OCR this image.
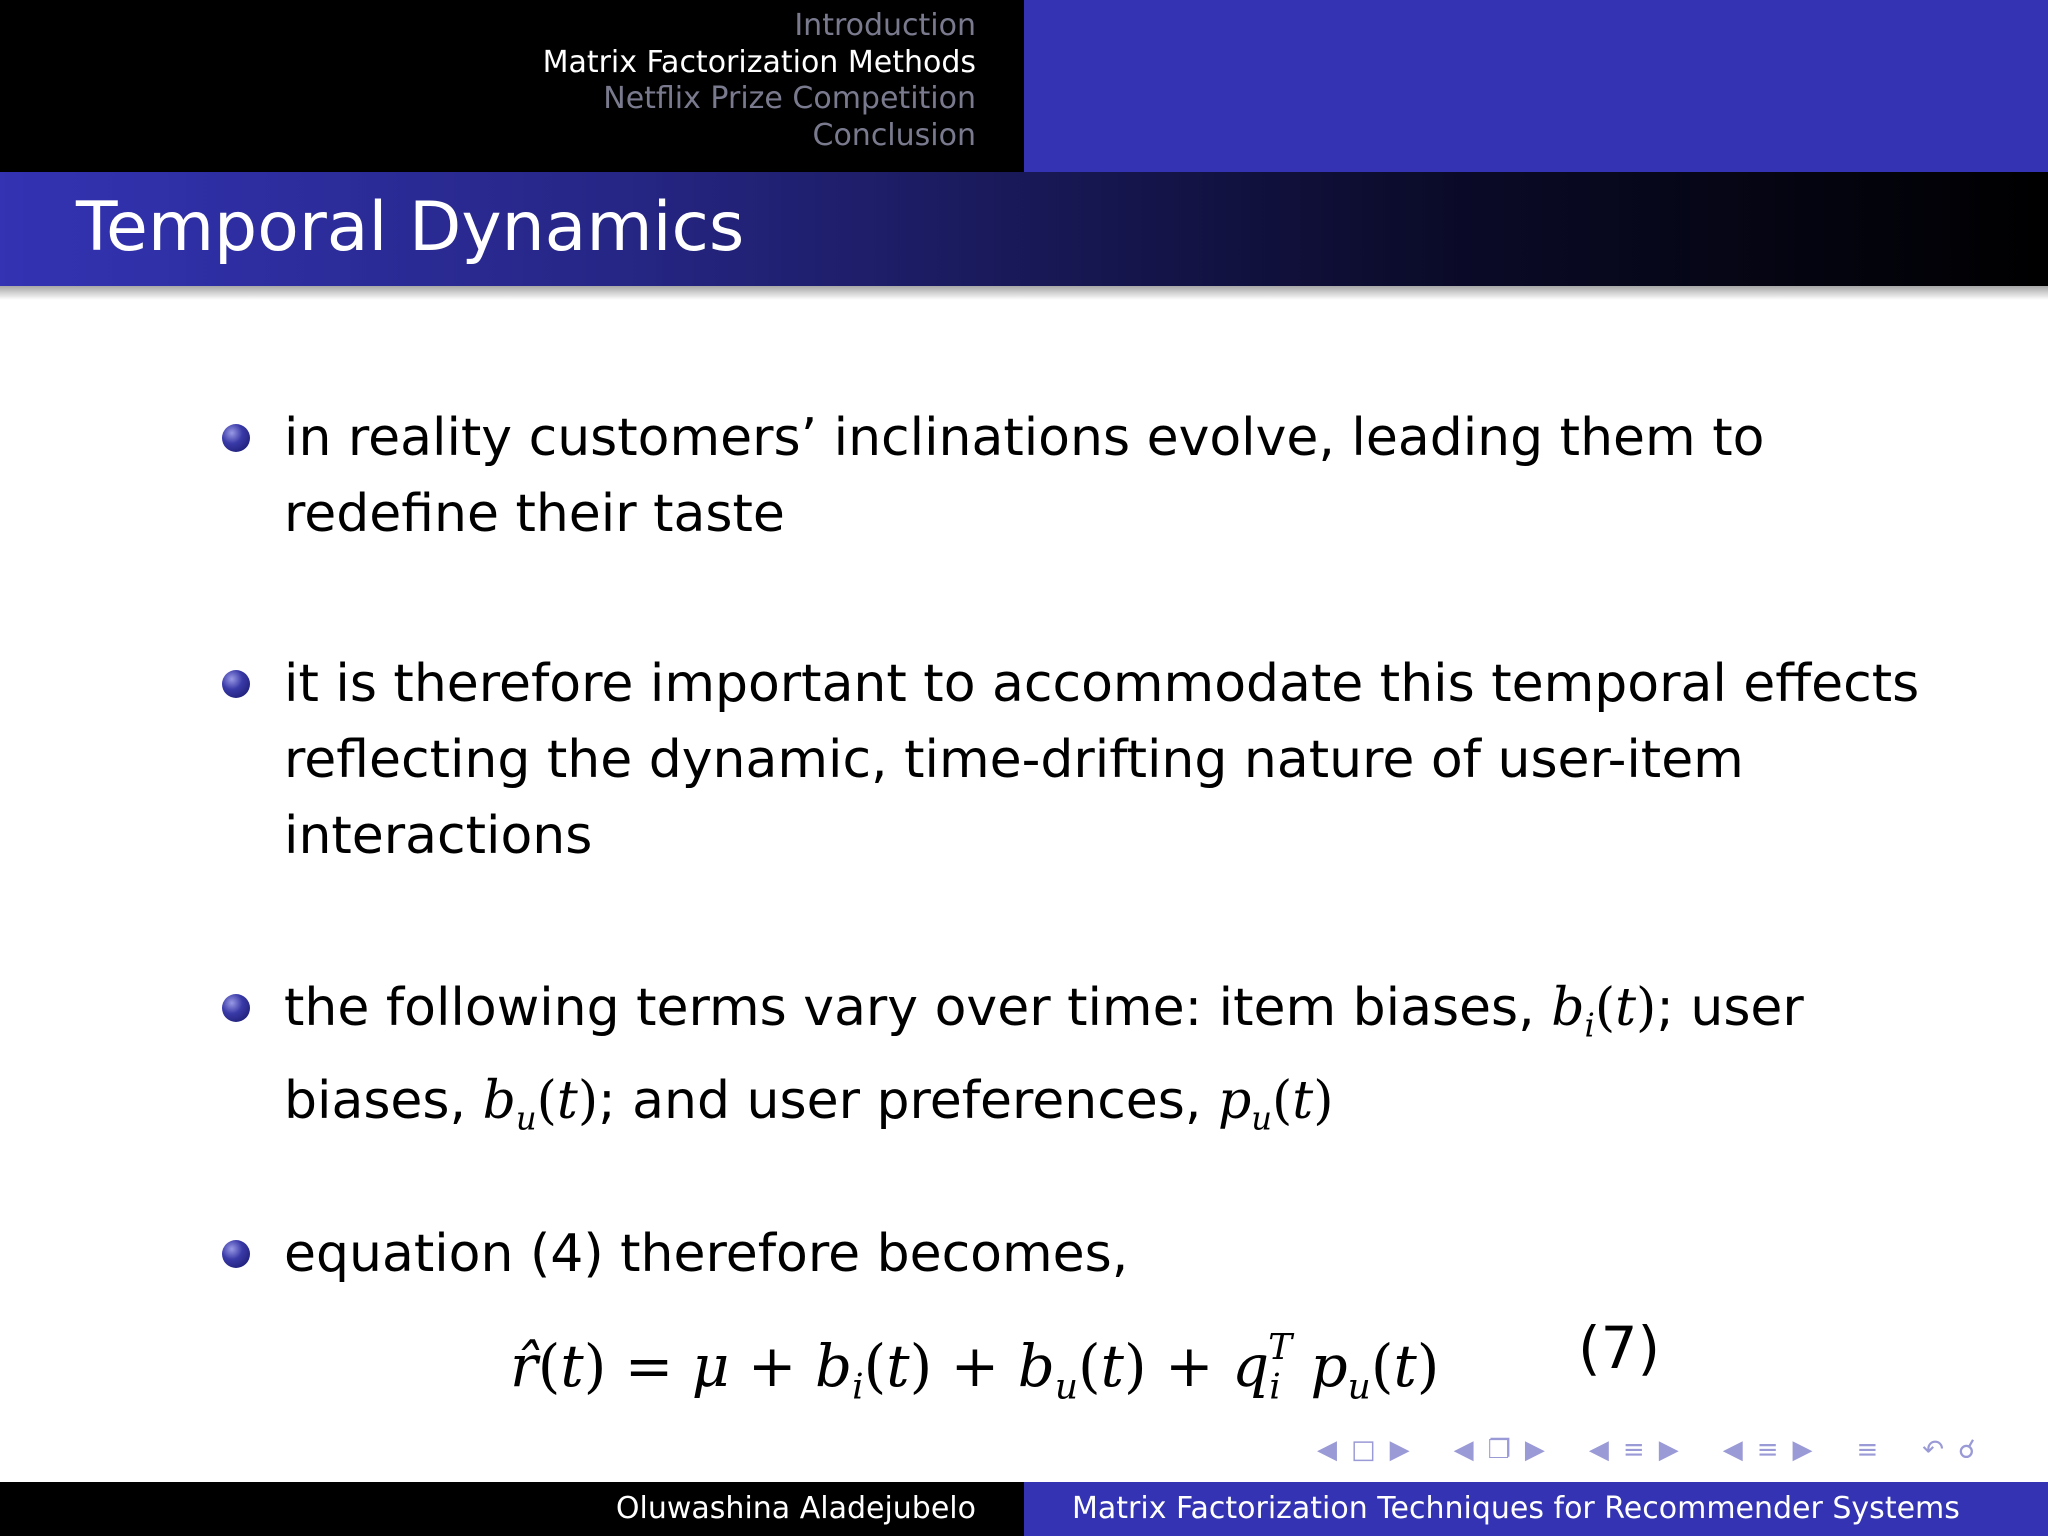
Introduction
Matrix Factorization Methods
Netflix Prize Competition
Conclusion
Temporal Dynamics
in reality customers’ inclinations evolve, leading them to redefine their taste
it is therefore important to accommodate this temporal effects reflecting the dynamic, time-drifting nature of user-item interactions
the following terms vary over time: item biases, $b_i(t)$; user biases, $b_u(t)$; and user preferences, $p_u(t)$
equation (4) therefore becomes,
r̂(t) = $\mu + b_i(t) + b_u(t) + q_i^T$ $p_u(t)$ (7)
◀ □ ▶ ◀ ❐ ▶ ◀ ≡ ▶ ◀ ≡ ▶ ≡ ↶ ☌
Oluwashina Aladejubelo	Matrix Factorization Techniques for Recommender Systems
